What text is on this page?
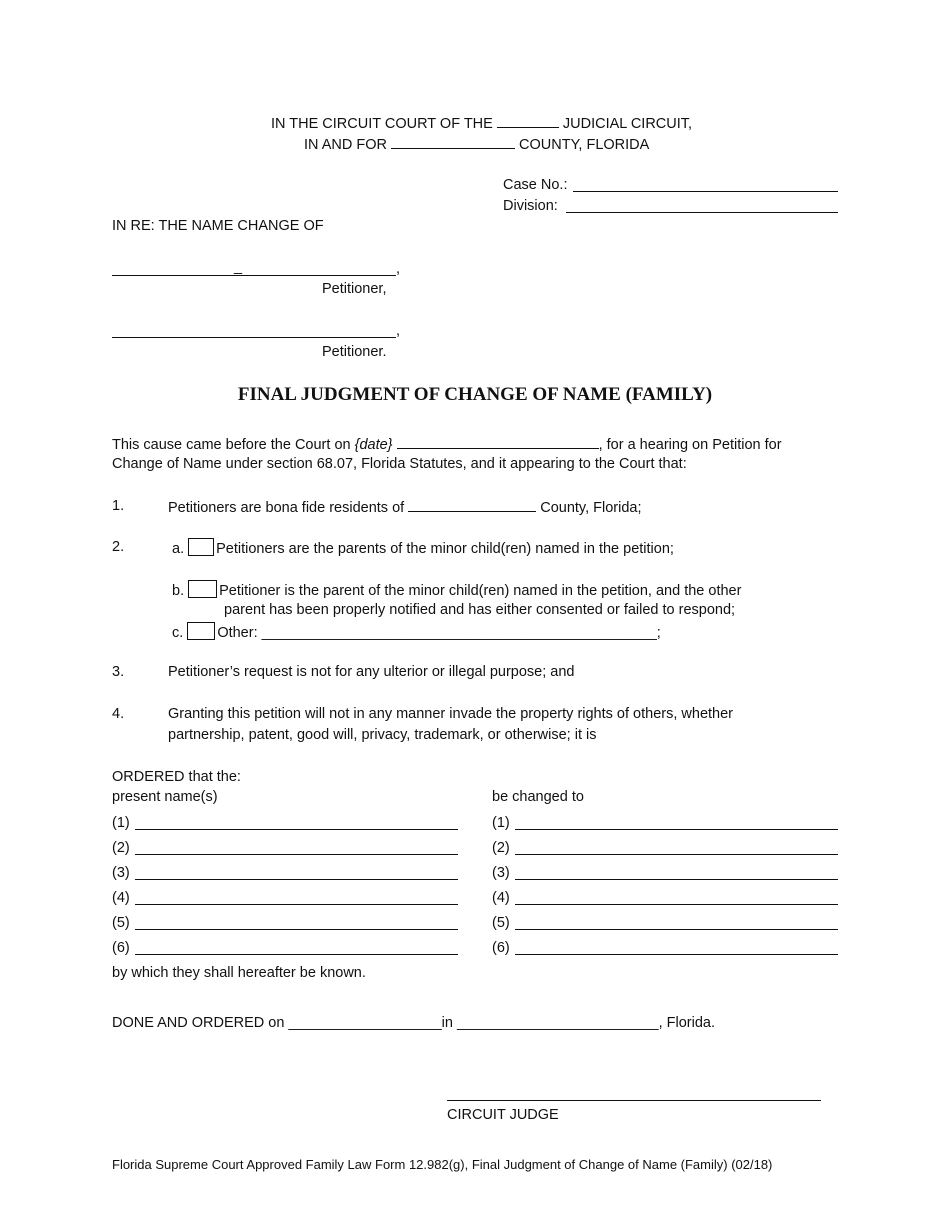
IN THE CIRCUIT COURT OF THE	JUDICIAL CIRCUIT,
IN AND FOR	COUNTY, FLORIDA
Case No.:
Division:
IN RE: THE NAME CHANGE OF
_	,
Petitioner,
,
Petitioner.
FINAL JUDGMENT OF CHANGE OF NAME (FAMILY)
This cause came before the Court on {date}	, for a hearing on Petition for
Change of Name under section 68.07, Florida Statutes, and it appearing to the Court that:
1.	Petitioners are bona fide residents of	County, Florida;
2.	a. Petitioners are the parents of the minor child(ren) named in the petition;
b. Petitioner is the parent of the minor child(ren) named in the petition, and the other
parent has been properly notified and has either consented or failed to respond;
c. Other: _________________________________________________;
3.	Petitioner’s request is not for any ulterior or illegal purpose; and
4.	Granting this petition will not in any manner invade the property rights of others, whether
partnership, patent, good will, privacy, trademark, or otherwise; it is
ORDERED that the:
present name(s)	be changed to
(1)	(1)
(2)	(2)
(3)	(3)
(4)	(4)
(5)	(5)
(6)	(6)
by which they shall hereafter be known.
DONE AND ORDERED on ___________________in _________________________, Florida.
CIRCUIT JUDGE
Florida Supreme Court Approved Family Law Form 12.982(g), Final Judgment of Change of Name (Family) (02/18)
